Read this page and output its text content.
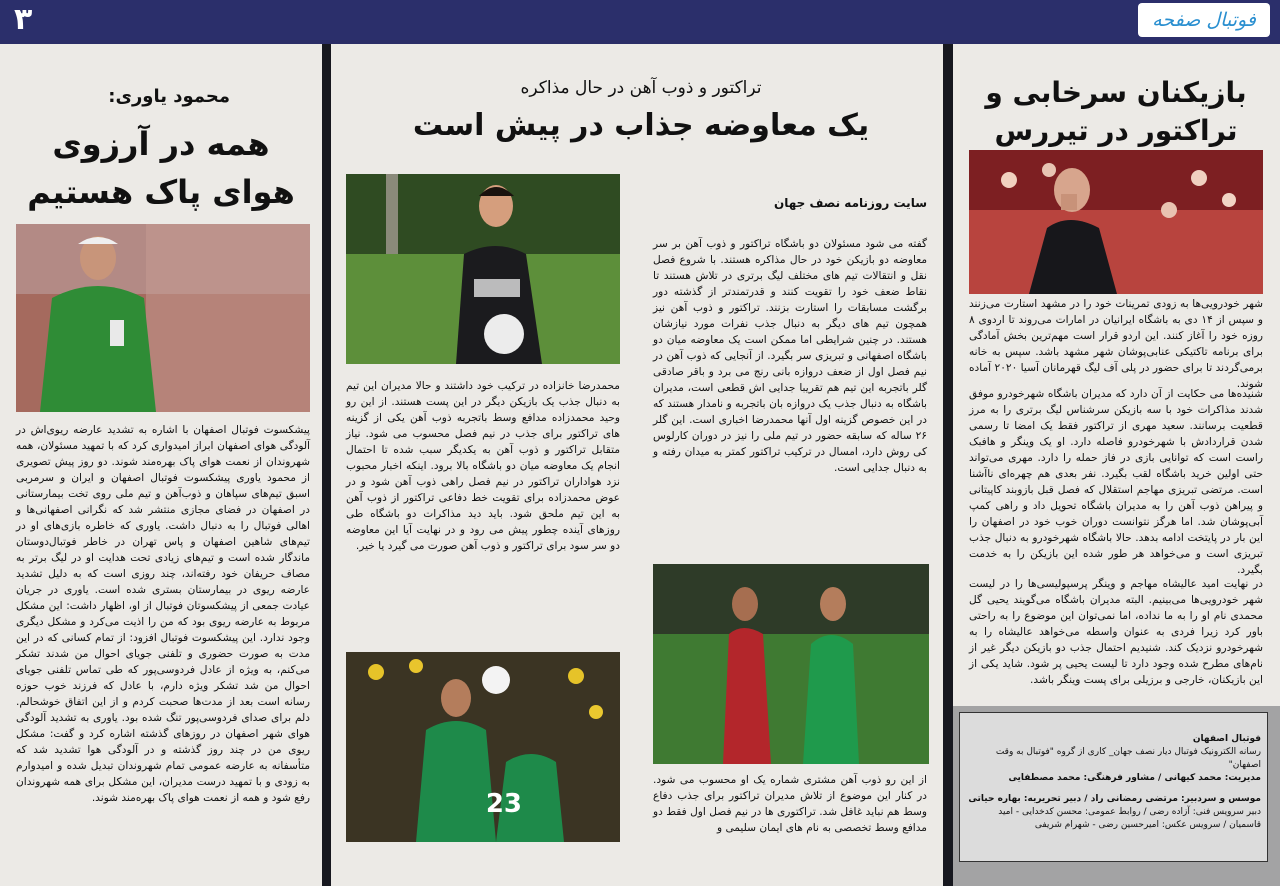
۳	فوتبال صفحه
بازیکنان سرخابی و تراکتور در تیررس
شهر خودرویی‌ها به زودی تمرینات خود را در مشهد استارت می‌زنند و سپس از ۱۴ دی به باشگاه ایرانیان در امارات می‌روند تا اردوی ۸ روزه خود را آغاز کنند. این اردو قرار است مهم‌ترین بخش آمادگی برای برنامه تاکتیکی عنابی‌پوشان شهر مشهد باشد. سپس به خانه برمی‌گردند تا برای حضور در پلی آف لیگ قهرمانان آسیا ۲۰۲۰ آماده شوند.
شنیده‌ها می حکایت از آن دارد که مدیران باشگاه شهرخودرو موفق شدند مذاکرات خود با سه بازیکن سرشناس لیگ برتری را به مرز قطعیت برسانند. سعید مهری از تراکتور فقط یک امضا تا رسمی شدن قراردادش با شهرخودرو فاصله دارد. او یک وینگر و هافبک راست است که توانایی بازی در فاز حمله را دارد. مهری می‌تواند حتی اولین خرید باشگاه لقب بگیرد. نفر بعدی هم چهره‌ای ناآشنا است. مرتضی تبریزی مهاجم استقلال که فصل قبل بازوبند کاپیتانی و پیراهن ذوب آهن را به مدیران باشگاه تحویل داد و راهی کمپ آبی‌پوشان شد. اما هرگز نتوانست دوران خوب خود در اصفهان را این بار در پایتخت ادامه بدهد. حالا باشگاه شهرخودرو به دنبال جذب تبریزی است و می‌خواهد هر طور شده این بازیکن را به خدمت بگیرد.
در نهایت امید عالیشاه مهاجم و وینگر پرسپولیسی‌ها را در لیست شهر خودرویی‌ها می‌بینیم. البته مدیران باشگاه می‌گویند یحیی گل محمدی نام او را به ما نداده، اما نمی‌توان این موضوع را به راحتی باور کرد زیرا فردی به عنوان واسطه می‌خواهد عالیشاه را به شهرخودرو نزدیک کند. شنیدیم احتمال جذب دو بازیکن دیگر غیر از نام‌های مطرح شده وجود دارد تا لیست یحیی پر شود. شاید یکی از این بازیکنان، خارجی و برزیلی برای پست وینگر باشد.
فوتبال اصفهان
رسانه الکترونیک فوتبال دیار نصف جهان_ کاری از گروه "فوتبال به وقت اصفهان"
مدیریت: محمد کیهانی / مشاور فرهنگی: محمد مصطفایی
موسس و سردبیر: مرتضی رمضانی راد / دبیر تحریریه: بهاره حیاتی
دبیر سرویس فنی: آزاده رضی / روابط عمومی: محسن کدخدایی - امید قاسمیان / سرویس عکس: امیرحسین رضی - شهرام شریفی
تراکتور و ذوب آهن در حال مذاکره
یک معاوضه جذاب در پیش است
سایت روزنامه نصف جهان
گفته می شود مسئولان دو باشگاه تراکتور و ذوب آهن بر سر معاوضه دو بازیکن خود در حال مذاکره هستند. با شروع فصل نقل و انتقالات تیم های مختلف لیگ برتری در تلاش هستند تا نقاط ضعف خود را تقویت کنند و قدرتمندتر از گذشته دور برگشت مسابقات را استارت بزنند. تراکتور و ذوب آهن نیز همچون تیم های دیگر به دنبال جذب نفرات مورد نیازشان هستند. در چنین شرایطی اما ممکن است یک معاوضه میان دو باشگاه اصفهانی و تبریزی سر بگیرد. از آنجایی که ذوب آهن در نیم فصل اول از ضعف دروازه بانی رنج می برد و باقر صادقی گلر باتجربه این تیم هم تقریبا جدایی اش قطعی است، مدیران باشگاه به دنبال جذب یک دروازه بان باتجربه و نامدار هستند که در این خصوص گزینه اول آنها محمدرضا اخباری است. این گلر ۲۶ ساله که سابقه حضور در تیم ملی را نیز در دوران کارلوس کی روش دارد، امسال در ترکیب تراکتور کمتر به میدان رفته و به دنبال جدایی است.
محمدرضا خانزاده در ترکیب خود داشتند و حالا مدیران این تیم به دنبال جذب یک بازیکن دیگر در این پست هستند. از این رو وحید محمدزاده مدافع وسط باتجربه ذوب آهن یکی از گزینه های تراکتور برای جذب در نیم فصل محسوب می شود. نیاز متقابل تراکتور و ذوب آهن به یکدیگر سبب شده تا احتمال انجام یک معاوضه میان دو باشگاه بالا برود. اینکه اخبار محبوب نزد هواداران تراکتور در نیم فصل راهی ذوب آهن شود و در عوض محمدزاده برای تقویت خط دفاعی تراکتور از ذوب آهن به این تیم ملحق شود. باید دید مذاکرات دو باشگاه طی روزهای آینده چطور پیش می رود و در نهایت آیا این معاوضه دو سر سود برای تراکتور و ذوب آهن صورت می گیرد یا خیر.
از این رو ذوب آهن مشتری شماره یک او محسوب می شود. در کنار این موضوع از تلاش مدیران تراکتور برای جذب دفاع وسط هم نباید غافل شد. تراکتوری ها در نیم فصل اول فقط دو مدافع وسط تخصصی به نام های ایمان سلیمی و
23
محمود یاوری:
همه در آرزوی هوای پاک هستیم
پیشکسوت فوتبال اصفهان با اشاره به تشدید عارضه ریوی‌اش در آلودگی هوای اصفهان ابراز امیدواری کرد که با تمهید مسئولان، همه شهروندان از نعمت هوای پاک بهره‌مند شوند. دو روز پیش تصویری از محمود یاوری پیشکسوت فوتبال اصفهان و ایران و سرمربی اسبق تیم‌های سپاهان و ذوب‌آهن و تیم ملی روی تخت بیمارستانی در اصفهان در فضای مجازی منتشر شد که نگرانی اصفهانی‌ها و اهالی فوتبال را به دنبال داشت. یاوری که خاطره بازی‌های او در تیم‌های شاهین اصفهان و پاس تهران در خاطر فوتبال‌دوستان ماندگار شده است و تیم‌های زیادی تحت هدایت او در لیگ برتر به مصاف حریفان خود رفته‌اند، چند روزی است که به دلیل تشدید عارضه ریوی در بیمارستان بستری شده است. یاوری در جریان عیادت جمعی از پیشکسوتان فوتبال از او، اظهار داشت: این مشکل مربوط به عارضه ریوی بود که من را اذیت می‌کرد و مشکل دیگری وجود ندارد. این پیشکسوت فوتبال افزود: از تمام کسانی که در این مدت به صورت حضوری و تلفنی جویای احوال من شدند تشکر می‌کنم، به ویژه از عادل فردوسی‌پور که طی تماس تلفنی جویای احوال من شد تشکر ویژه دارم، با عادل که فرزند خوب حوزه رسانه است بعد از مدت‌ها صحبت کردم و از این اتفاق خوشحالم. دلم برای صدای فردوسی‌پور تنگ شده بود. یاوری به تشدید آلودگی هوای شهر اصفهان در روزهای گذشته اشاره کرد و گفت: مشکل ریوی من در چند روز گذشته و در آلودگی هوا تشدید شد که متأسفانه به عارضه عمومی تمام شهروندان تبدیل شده و امیدوارم به زودی و با تمهید درست مدیران، این مشکل برای همه شهروندان رفع شود و همه از نعمت هوای پاک بهره‌مند شوند.
